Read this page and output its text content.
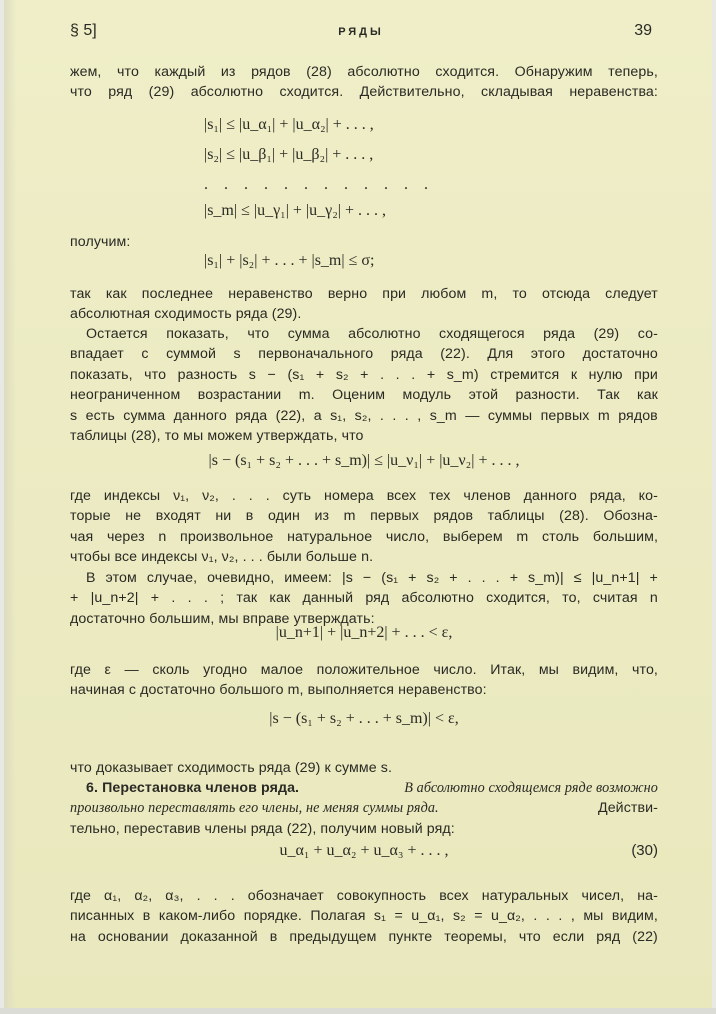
§ 5]	РЯДЫ	39
жем, что каждый из рядов (28) абсолютно сходится. Обнаружим теперь,
что ряд (29) абсолютно сходится. Действительно, складывая неравенства:
|s₁| ≤ |u_α₁| + |u_α₂| + . . . ,
|s₂| ≤ |u_β₁| + |u_β₂| + . . . ,
. . . . . . . . . . . .
|s_m| ≤ |u_γ₁| + |u_γ₂| + . . . ,
получим:
|s₁| + |s₂| + . . . + |s_m| ≤ σ;
так как последнее неравенство верно при любом m, то отсюда следует
абсолютная сходимость ряда (29).
Остается показать, что сумма абсолютно сходящегося ряда (29) со-
впадает с суммой s первоначального ряда (22). Для этого достаточно
показать, что разность s − (s₁ + s₂ + . . . + s_m) стремится к нулю при
неограниченном возрастании m. Оценим модуль этой разности. Так как
s есть сумма данного ряда (22), а s₁, s₂, . . . , s_m — суммы первых m рядов
таблицы (28), то мы можем утверждать, что
|s − (s₁ + s₂ + . . . + s_m)| ≤ |u_ν₁| + |u_ν₂| + . . . ,
где индексы ν₁, ν₂, . . . суть номера всех тех членов данного ряда, ко-
торые не входят ни в один из m первых рядов таблицы (28). Обозна-
чая через n произвольное натуральное число, выберем m столь большим,
чтобы все индексы ν₁, ν₂, . . . были больше n.
В этом случае, очевидно, имеем: |s − (s₁ + s₂ + . . . + s_m)| ≤ |u_n+1| +
+ |u_n+2| + . . . ; так как данный ряд абсолютно сходится, то, считая n
достаточно большим, мы вправе утверждать:
|u_n+1| + |u_n+2| + . . . < ε,
где ε — сколь угодно малое положительное число. Итак, мы видим, что,
начиная с достаточно большого m, выполняется неравенство:
|s − (s₁ + s₂ + . . . + s_m)| < ε,
что доказывает сходимость ряда (29) к сумме s.
6. Перестановка членов ряда.	В абсолютно сходящемся ряде возможно
произвольно переставлять его члены, не меняя суммы ряда.	Действи-
тельно, переставив члены ряда (22), получим новый ряд:
u_α₁ + u_α₂ + u_α₃ + . . . ,	(30)
где α₁, α₂, α₃, . . . обозначает совокупность всех натуральных чисел, на-
писанных в каком-либо порядке. Полагая s₁ = u_α₁, s₂ = u_α₂, . . . , мы видим,
на основании доказанной в предыдущем пункте теоремы, что если ряд (22)
